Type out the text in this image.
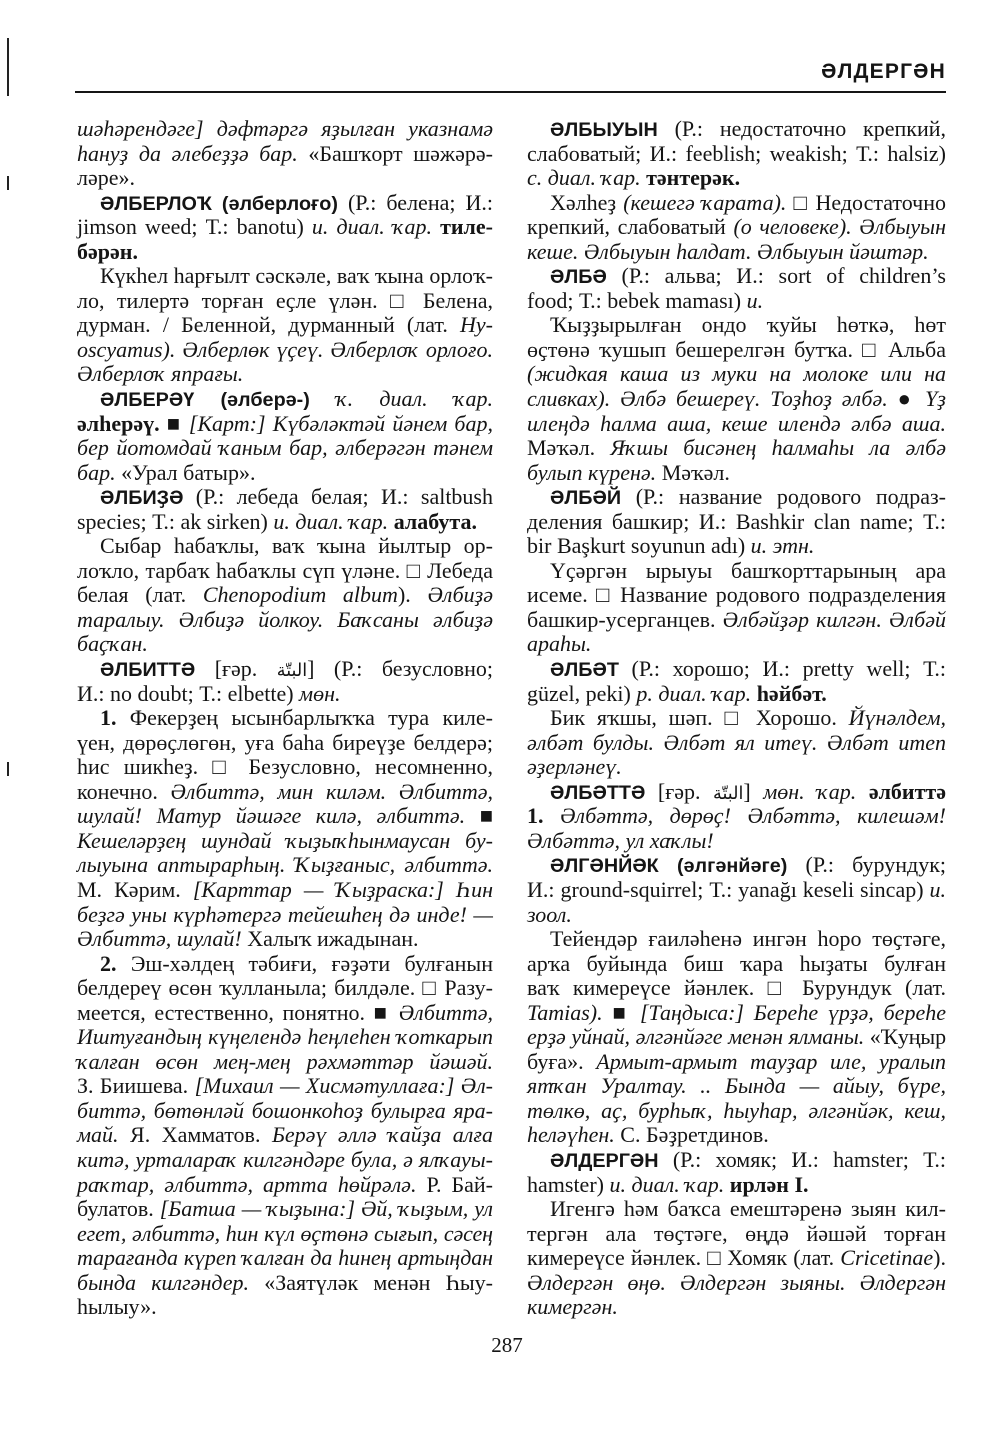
ӘЛДЕРГӘН
шәһәрендәге] дәфтәргә яҙылған указнамә
һануҙ да әлебеҙҙә бар. «Башҡорт шәжәрә-
ләре».
ӘЛБЕРЛОҠ (әлберлоғо) (Р.: белена; И.:
jimson weed; Т.: banotu) и. диал. ҡар. тиле-
бәрән.
Күкһел һарғылт сәскәле, ваҡ ҡына орлоҡ-
ло, тилертә торған еҫле үлән. □ Белена,
дурман. / Беленной, дурманный (лат. Hy-
oscyamus). Әлберлөк үҫеү. Әлберлоҡ орлоғо.
Әлберлоҡ япрағы.
ӘЛБЕРӘҮ (әлберә-) ҡ. диал. ҡар.
әлһерәү. ■ [Карт:] Күбәләктәй йәнем бар,
бер йотомдай ҡаным бар, әлберәгән тәнем
бар. «Урал батыр».
ӘЛБИҘӘ (Р.: лебеда белая; И.: saltbush
species; Т.: ak sirken) и. диал. ҡар. алабута.
Сыбар һабаҡлы, ваҡ ҡына йылтыр ор-
лоҡло, тарбаҡ һабаҡлы сүп үләне. □ Лебеда
белая (лат. Chenopodium album). Әлбиҙә
таралыу. Әлбиҙә йолкоу. Баҡсаны әлбиҙә
баҫҡан.
ӘЛБИТТӘ [ғәр. البتّة] (Р.: безусловно;
И.: no doubt; Т.: elbette) мөн.
1. Фекерҙең ысынбарлыҡҡа тура киле-
үен, дөрөҫлөгөн, уға баһа биреүҙе белдерә;
һис шикһеҙ. □ Безусловно, несомненно,
конечно. Әлбиттә, мин киләм. Әлбиттә,
шулай! Матур йәшәге килә, әлбиттә. ■
Кешеләрҙең шундай ҡыҙыҡһынмаусан бу-
лыуына аптырарһың. Ҡыҙғаныс, әлбиттә.
М. Кәрим. [Карттар — Ҡыҙраска:] Һин
беҙгә уны күрһәтергә тейешһең дә инде! —
Әлбиттә, шулай! Халыҡ ижадынан.
2. Эш-хәлдең тәбиғи, ғәҙәти булғанын
белдереү өсөн ҡулланыла; билдәле. □ Разу-
меется, естественно, понятно. ■ Әлбиттә,
Иштуғандың күңелендә һеңлеһен ҡоткарып
ҡалған өсөн мең-мең рәхмәттәр йәшәй.
З. Биишева. [Михаил — Хисмәтуллаға:] Әл-
биттә, бөтөнләй бошонкоһоҙ булырға яра-
май. Я. Хамматов. Берәү әллә ҡайҙа алға
китә, урталараҡ килгәндәре була, ә ялҡауы-
раҡтар, әлбиттә, артта һөйрәлә. Р. Бай-
булатов. [Батша — ҡыҙына:] Әй, ҡыҙым, ул
егет, әлбиттә, һин күл өҫтөнә сығып, сәсең
тарағанда күреп ҡалған да һинең артыңдан
бында килгәндер. «Заятүләк менән Һыу-
һылыу».
ӘЛБЫУЫН (Р.: недостаточно крепкий,
слабоватый; И.: feeblish; weakish; Т.: halsiz)
с. диал. ҡар. тәнтерәк.
Хәлһеҙ (кешегә ҡарата). □ Недостаточно
крепкий, слабоватый (о человеке). Әлбыуын
кеше. Әлбыуын һалдат. Әлбыуын йәштәр.
ӘЛБӘ (Р.: альва; И.: sort of children’s
food; Т.: bebek maması) и.
Ҡыҙҙырылған ондо ҡуйы һөткә, һөт
өҫтөнә ҡушып бешерелгән бутҡа. □ Альба
(жидкая каша из муки на молоке или на
сливках). Әлбә бешереү. Тоҙһоҙ әлбә. ● Үҙ
илеңдә һалма аша, кеше илендә әлбә аша.
Мәҡәл. Яҡшы бисәнең һалмаһы ла әлбә
булып күренә. Мәҡәл.
ӘЛБӘЙ (Р.: название родового подраз-
деления башкир; И.: Bashkir clan name; Т.:
bir Başkurt soyunun adı) и. этн.
Үҫәргән ырыуы башҡорттарының ара
исеме. □ Название родового подразделения
башкир-усерганцев. Әлбәйҙәр килгән. Әлбәй
араһы.
ӘЛБӘТ (Р.: хорошо; И.: pretty well; Т.:
güzel, peki) р. диал. ҡар. һәйбәт.
Бик яҡшы, шәп. □ Хорошо. Йүнәлдем,
әлбәт булды. Әлбәт ял итеү. Әлбәт итеп
әҙерләнеү.
ӘЛБӘТТӘ [ғәр. البتّة] мөн. ҡар. әлбиттә
1. Әлбәттә, дөрөҫ! Әлбәттә, килешәм!
Әлбәттә, ул хаҡлы!
ӘЛГӘНЙӘК (әлгәнйәге) (Р.: бурундук;
И.: ground-squirrel; Т.: yanağı keseli sincap) и.
зоол.
Тейендәр ғаиләһенә ингән һоро төҫтәге,
арҡа буйында биш ҡара һыҙаты булған
ваҡ кимереүсе йәнлек. □ Бурундук (лат.
Tamias). ■ [Таңдыса:] Береһе үрҙә, береһе
ерҙә уйнай, әлгәнйәге менән ялманы. «Ҡуңыр
буға». Армыт-армыт тауҙар иле, уралып
ятҡан Уралтау. .. Бында — айыу, бүре,
төлкө, аҫ, бурһыҡ, һыуһар, әлгәнйәк, кеш,
һеләүһен. С. Бәҙретдинов.
ӘЛДЕРГӘН (Р.: хомяк; И.: hamster; Т.:
hamster) и. диал. ҡар. ирлән I.
Игенгә һәм баҡса емештәренә зыян кил-
тергән ала төҫтәге, өңдә йәшәй торған
кимереүсе йәнлек. □ Хомяк (лат. Cricetinae).
Әлдергән өңө. Әлдергән зыяны. Әлдергән
кимергән.
287
